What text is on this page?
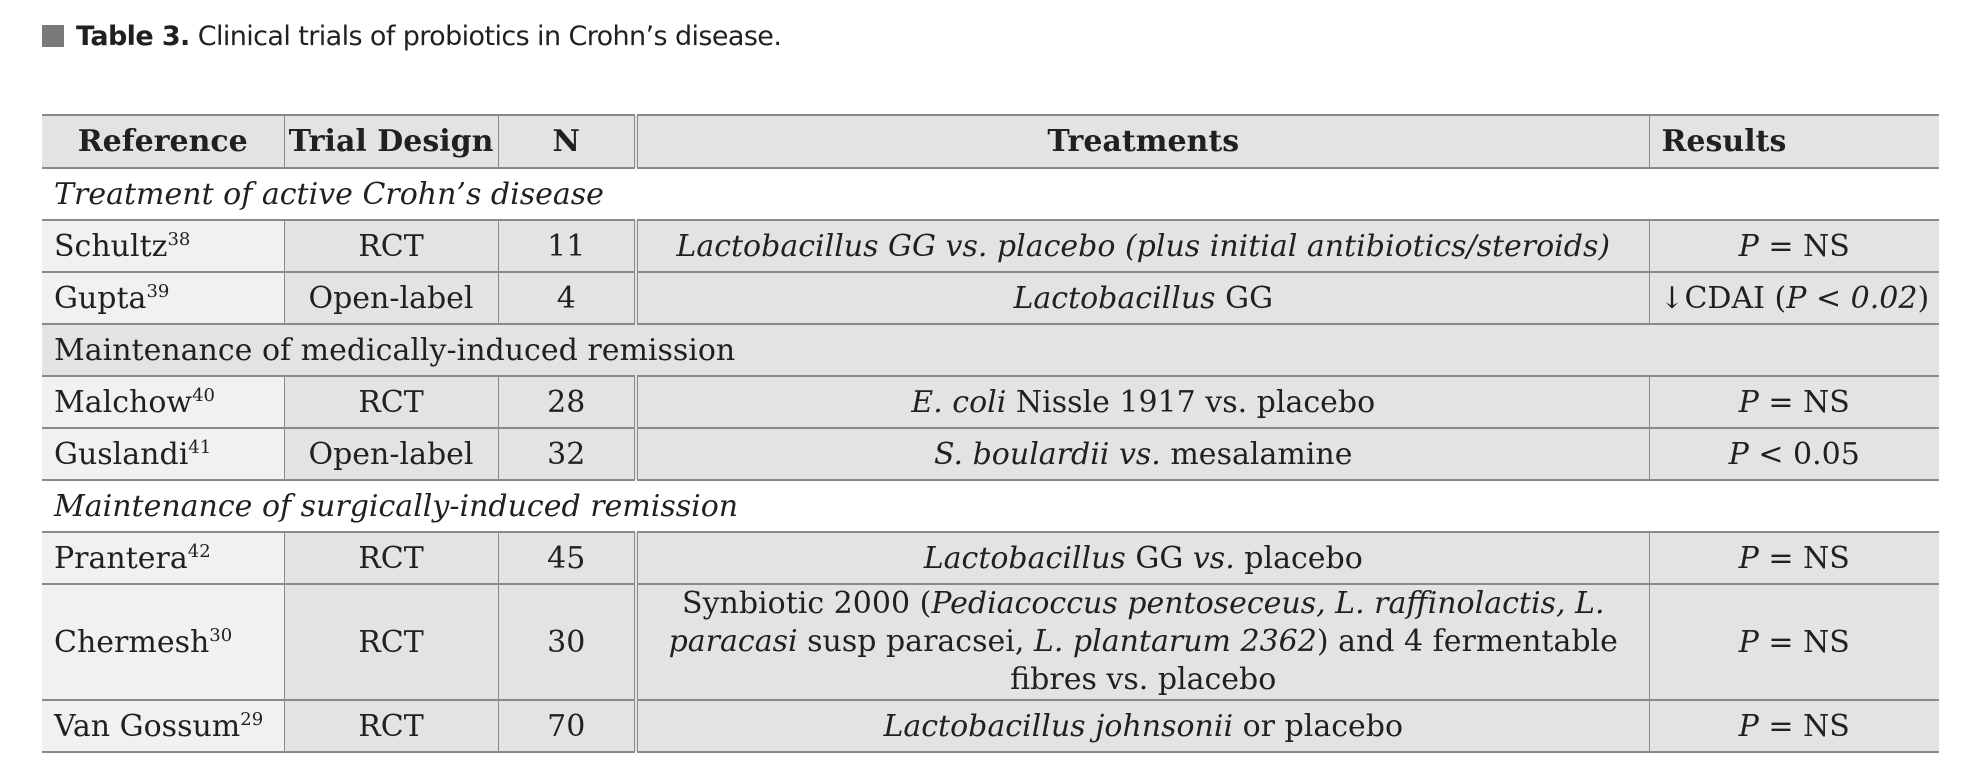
Table 3. Clinical trials of probiotics in Crohn’s disease.
Reference	Trial Design	N	Treatments	Results
Treatment of active Crohn’s disease				
Schultz$^{38}$	RCT	11	Lactobacillus GG vs. placebo (plus initial antibiotics/steroids)	P = NS
Gupta$^{39}$	Open-label	4	Lactobacillus GG	↓CDAI (P < 0.02)
Maintenance of medically-induced remission				
Malchow$^{40}$	RCT	28	E. coli Nissle 1917 vs. placebo	P = NS
Guslandi$^{41}$	Open-label	32	S. boulardii vs. mesalamine	P < 0.05
Maintenance of surgically-induced remission				
Prantera$^{42}$	RCT	45	Lactobacillus GG vs. placebo	P = NS
Chermesh$^{30}$	RCT	30	Synbiotic 2000 (Pediacoccus pentoseceus, L. raffinolactis, L. paracasi susp paracsei, L. plantarum 2362) and 4 fermentable fibres vs. placebo	P = NS
Van Gossum$^{29}$	RCT	70	Lactobacillus johnsonii or placebo	P = NS
